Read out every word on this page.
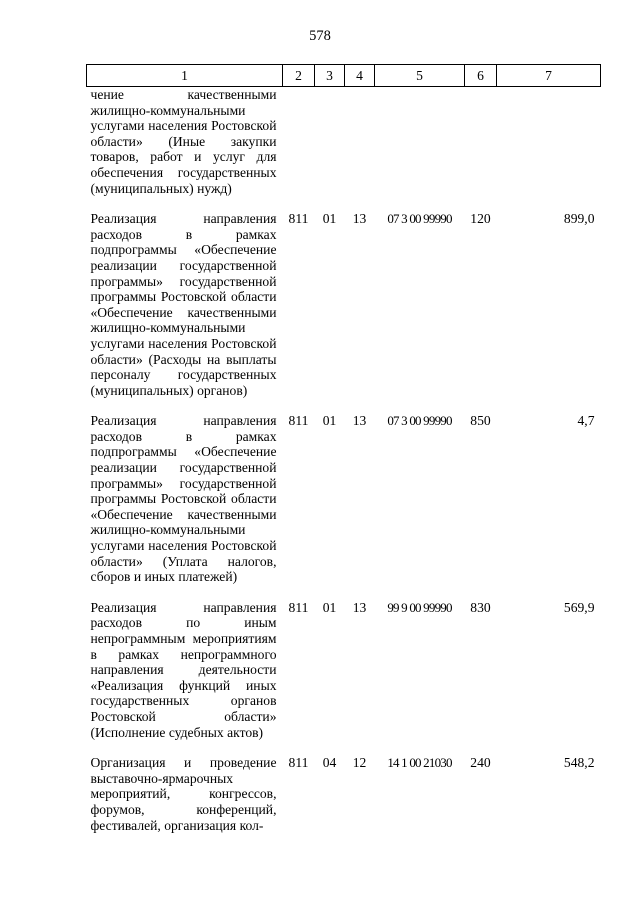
578
1	2	3	4	5	6	7
чение качественными жилищно-коммунальными услугами населения Ростовской области» (Иные закупки товаров, работ и услуг для обеспечения государственных (муниципальных) нужд)						
Реализация направления расходов в рамках подпрограммы «Обеспечение реализации государственной программы» государственной программы Ростовской области «Обеспечение качественными жилищно-коммунальными услугами населения Ростовской области» (Расходы на выплаты персоналу государственных (муниципальных) органов)	811	01	13	07 3 00 99990	120	899,0
Реализация направления расходов в рамках подпрограммы «Обеспечение реализации государственной программы» государственной программы Ростовской области «Обеспечение качественными жилищно-коммунальными услугами населения Ростовской области» (Уплата налогов, сборов и иных платежей)	811	01	13	07 3 00 99990	850	4,7
Реализация направления расходов по иным непрограммным мероприятиям в рамках непрограммного направления деятельности «Реализация функций иных государственных органов Ростовской области» (Исполнение судебных актов)	811	01	13	99 9 00 99990	830	569,9
Организация и проведение выставочно-ярмарочных мероприятий, конгрессов, форумов, конференций, фестивалей, организация кол-	811	04	12	14 1 00 21030	240	548,2
